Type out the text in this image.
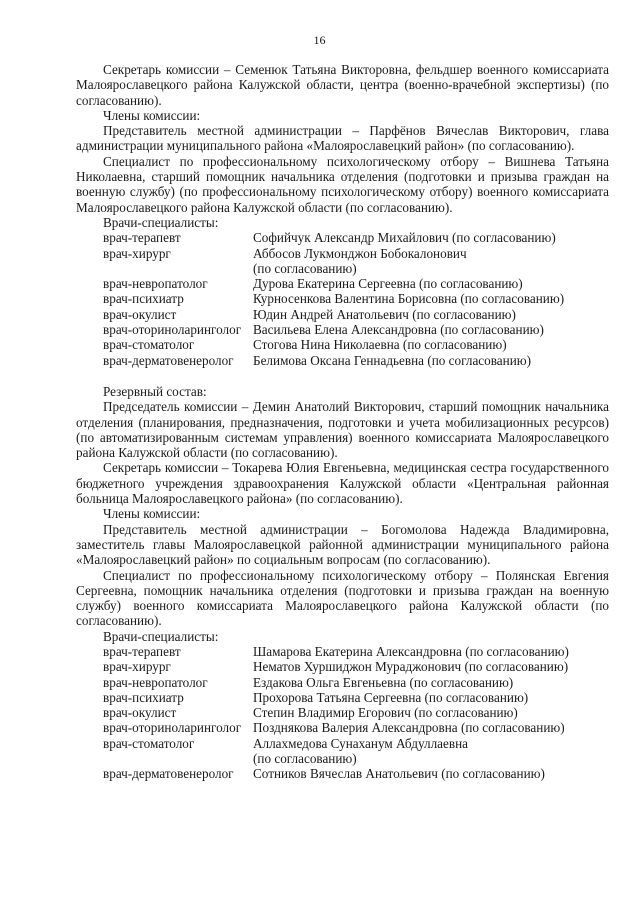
16

Секретарь комиссии – Семенюк Татьяна Викторовна, фельдшер военного комиссариата Малоярославецкого района Калужской области, центра (военно-врачебной экспертизы) (по согласованию).

Члены комиссии:

Представитель местной администрации – Парфёнов Вячеслав Викторович, глава администрации муниципального района «Малоярославецкий район» (по согласованию).

Специалист по профессиональному психологическому отбору – Вишнева Татьяна Николаевна, старший помощник начальника отделения (подготовки и призыва граждан на военную службу) (по профессиональному психологическому отбору) военного комиссариата Малоярославецкого района Калужской области (по согласованию).

Врачи-специалисты:

врач-терапевт	Софийчук Александр Михайлович (по согласованию)
врач-хирург	Аббосов Лукмонджон Бобокалонович
(по согласованию)
врач-невропатолог	Дурова Екатерина Сергеевна (по согласованию)
врач-психиатр	Курносенкова Валентина Борисовна (по согласованию)
врач-окулист	Юдин Андрей Анатольевич (по согласованию)
врач-оториноларинголог Васильева Елена Александровна (по согласованию)
врач-стоматолог	Стогова Нина Николаевна (по согласованию)
врач-дерматовенеролог	Белимова Оксана Геннадьевна (по согласованию)

Резервный состав:

Председатель комиссии – Демин Анатолий Викторович, старший помощник начальника отделения (планирования, предназначения, подготовки и учета мобилизационных ресурсов) (по автоматизированным системам управления) военного комиссариата Малоярославецкого района Калужской области (по согласованию).

Секретарь комиссии – Токарева Юлия Евгеньевна, медицинская сестра государственного бюджетного учреждения здравоохранения Калужской области «Центральная районная больница Малоярославецкого района» (по согласованию).

Члены комиссии:

Представитель местной администрации – Богомолова Надежда Владимировна, заместитель главы Малоярославецкой районной администрации муниципального района «Малоярославецкий район» по социальным вопросам (по согласованию).

Специалист по профессиональному психологическому отбору – Полянская Евгения Сергеевна, помощник начальника отделения (подготовки и призыва граждан на военную службу) военного комиссариата Малоярославецкого района Калужской области (по согласованию).

Врачи-специалисты:

врач-терапевт	Шамарова Екатерина Александровна (по согласованию)
врач-хирург	Нематов Хуршиджон Мураджонович (по согласованию)
врач-невропатолог	Ездакова Ольга Евгеньевна (по согласованию)
врач-психиатр	Прохорова Татьяна Сергеевна (по согласованию)
врач-окулист	Степин Владимир Егорович (по согласованию)
врач-оториноларинголог Позднякова Валерия Александровна (по согласованию)
врач-стоматолог	Аллахмедова Сунаханум Абдуллаевна
(по согласованию)
врач-дерматовенеролог	Сотников Вячеслав Анатольевич (по согласованию)
